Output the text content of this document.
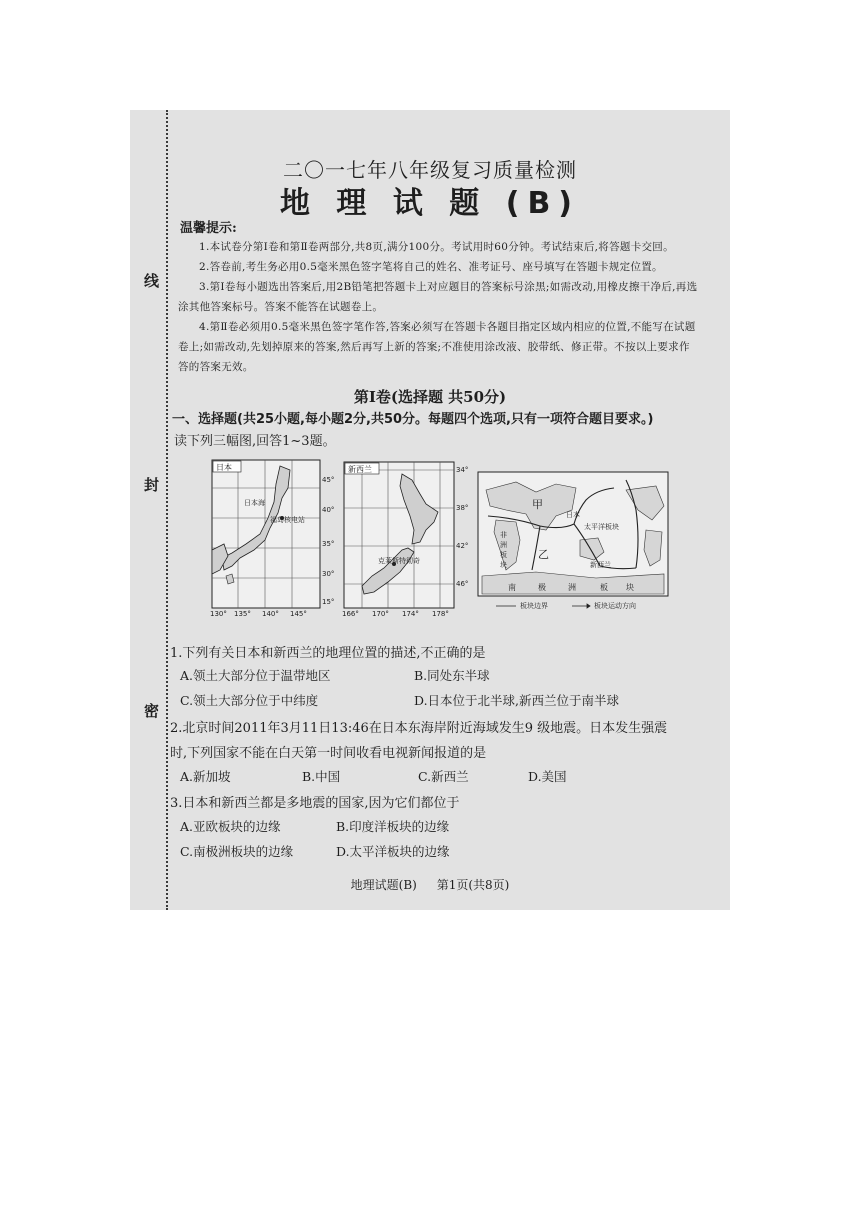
线
封
密
二〇一七年八年级复习质量检测
地 理 试 题 (B)
温馨提示:

1.本试卷分第Ⅰ卷和第Ⅱ卷两部分,共8页,满分100分。考试用时60分钟。考试结束后,将答题卡交回。

2.答卷前,考生务必用0.5毫米黑色签字笔将自己的姓名、准考证号、座号填写在答题卡规定位置。

3.第Ⅰ卷每小题选出答案后,用2B铅笔把答题卡上对应题目的答案标号涂黑;如需改动,用橡皮擦干净后,再选涂其他答案标号。答案不能答在试题卷上。

4.第Ⅱ卷必须用0.5毫米黑色签字笔作答,答案必须写在答题卡各题目指定区域内相应的位置,不能写在试题卷上;如需改动,先划掉原来的答案,然后再写上新的答案;不准使用涂改液、胶带纸、修正带。不按以上要求作答的答案无效。

第Ⅰ卷(选择题 共50分)
一、选择题(共25小题,每小题2分,共50分。每题四个选项,只有一项符合题目要求。)
读下列三幅图,回答1~3题。
日本
日本海
福岛核电站
45°
40°
35°
30°
15°
130° 135° 140° 145°
新西兰
克莱斯特彻奇
34°
38°
42°
46°
166° 170° 174° 178°
甲
日本
太平洋板块
新西兰
非洲板块
乙
南	极	洲	板 块
板块边界	板块运动方向
1.下列有关日本和新西兰的地理位置的描述,不正确的是
A.领土大部分位于温带地区	B.同处东半球
C.领土大部分位于中纬度	D.日本位于北半球,新西兰位于南半球
2.北京时间2011年3月11日13:46在日本东海岸附近海域发生9 级地震。日本发生强震
时,下列国家不能在白天第一时间收看电视新闻报道的是
A.新加坡	B.中国	C.新西兰	D.美国
3.日本和新西兰都是多地震的国家,因为它们都位于
A.亚欧板块的边缘	B.印度洋板块的边缘
C.南极洲板块的边缘	D.太平洋板块的边缘
地理试题(B) 第1页(共8页)
